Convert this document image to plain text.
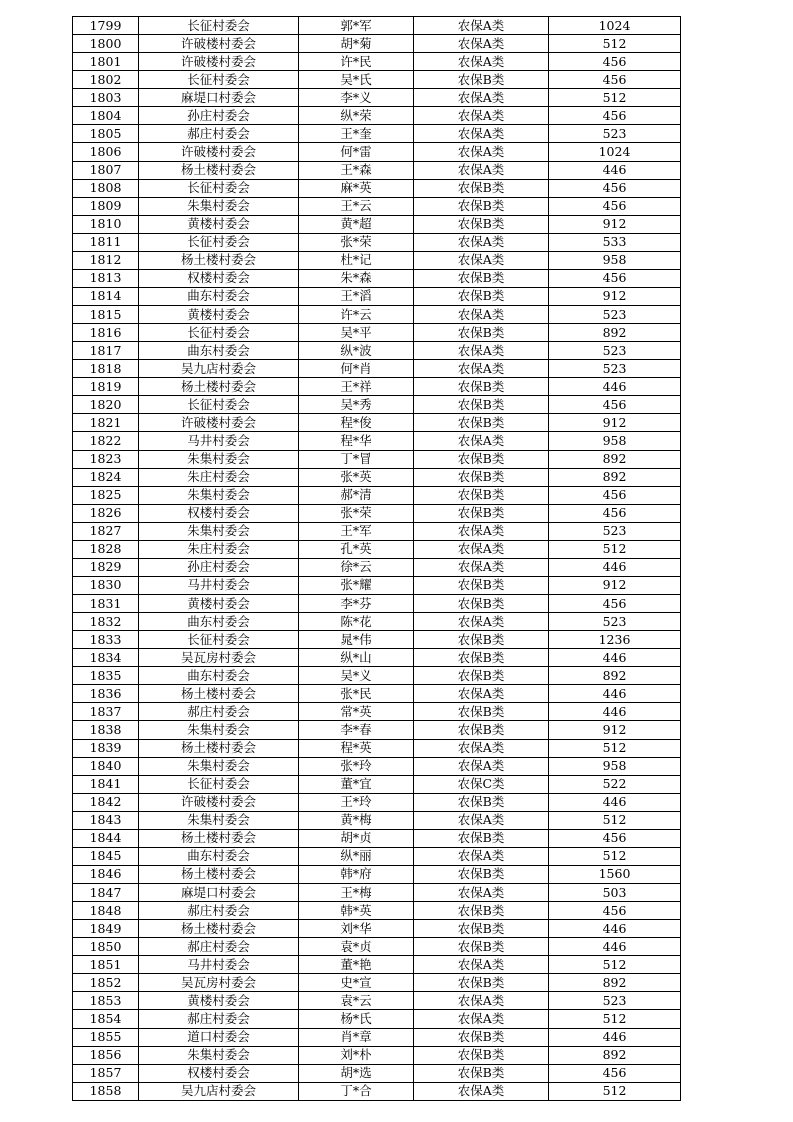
1799	长征村委会	郭*军	农保A类	1024
1800	许破楼村委会	胡*菊	农保A类	512
1801	许破楼村委会	许*民	农保A类	456
1802	长征村委会	吴*氏	农保B类	456
1803	麻堤口村委会	李*义	农保A类	512
1804	孙庄村委会	纵*荣	农保A类	456
1805	郝庄村委会	王*奎	农保A类	523
1806	许破楼村委会	何*雷	农保A类	1024
1807	杨土楼村委会	王*森	农保A类	446
1808	长征村委会	麻*英	农保B类	456
1809	朱集村委会	王*云	农保B类	456
1810	黄楼村委会	黄*超	农保B类	912
1811	长征村委会	张*荣	农保A类	533
1812	杨土楼村委会	杜*记	农保A类	958
1813	权楼村委会	朱*森	农保B类	456
1814	曲东村委会	王*滔	农保B类	912
1815	黄楼村委会	许*云	农保A类	523
1816	长征村委会	吴*平	农保B类	892
1817	曲东村委会	纵*波	农保A类	523
1818	吴九店村委会	何*肖	农保A类	523
1819	杨土楼村委会	王*祥	农保B类	446
1820	长征村委会	吴*秀	农保B类	456
1821	许破楼村委会	程*俊	农保B类	912
1822	马井村委会	程*华	农保A类	958
1823	朱集村委会	丁*冒	农保B类	892
1824	朱庄村委会	张*英	农保B类	892
1825	朱集村委会	郝*清	农保B类	456
1826	权楼村委会	张*荣	农保B类	456
1827	朱集村委会	王*军	农保A类	523
1828	朱庄村委会	孔*英	农保A类	512
1829	孙庄村委会	徐*云	农保A类	446
1830	马井村委会	张*耀	农保B类	912
1831	黄楼村委会	李*芬	农保B类	456
1832	曲东村委会	陈*花	农保A类	523
1833	长征村委会	晁*伟	农保B类	1236
1834	吴瓦房村委会	纵*山	农保B类	446
1835	曲东村委会	吴*义	农保B类	892
1836	杨土楼村委会	张*民	农保A类	446
1837	郝庄村委会	常*英	农保B类	446
1838	朱集村委会	李*春	农保B类	912
1839	杨土楼村委会	程*英	农保A类	512
1840	朱集村委会	张*玲	农保A类	958
1841	长征村委会	董*宜	农保C类	522
1842	许破楼村委会	王*玲	农保B类	446
1843	朱集村委会	黄*梅	农保A类	512
1844	杨土楼村委会	胡*贞	农保B类	456
1845	曲东村委会	纵*丽	农保A类	512
1846	杨土楼村委会	韩*府	农保B类	1560
1847	麻堤口村委会	王*梅	农保A类	503
1848	郝庄村委会	韩*英	农保B类	456
1849	杨土楼村委会	刘*华	农保B类	446
1850	郝庄村委会	袁*贞	农保B类	446
1851	马井村委会	董*艳	农保A类	512
1852	吴瓦房村委会	史*宣	农保B类	892
1853	黄楼村委会	袁*云	农保A类	523
1854	郝庄村委会	杨*氏	农保A类	512
1855	道口村委会	肖*章	农保B类	446
1856	朱集村委会	刘*朴	农保B类	892
1857	权楼村委会	胡*选	农保B类	456
1858	吴九店村委会	丁*合	农保A类	512
